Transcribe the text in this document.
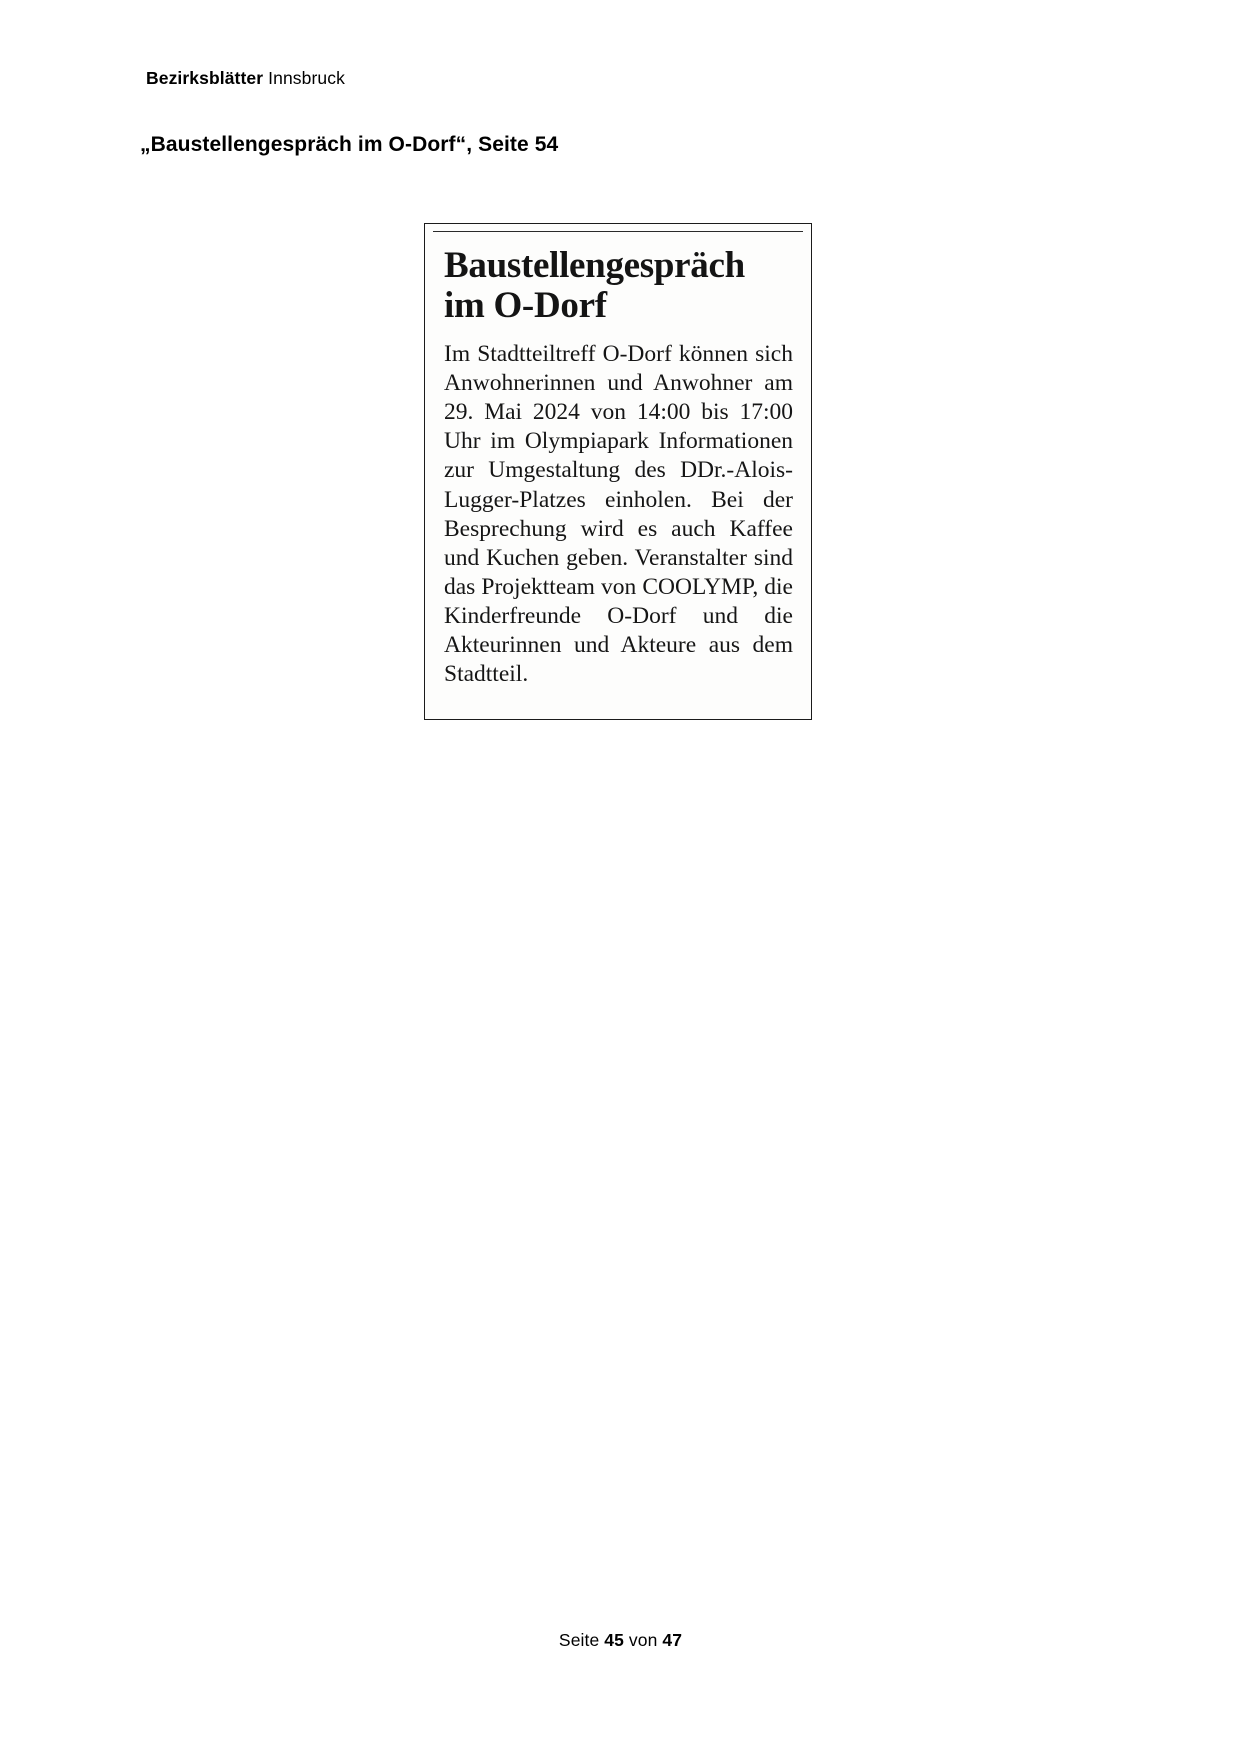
Bezirksblätter Innsbruck
„Baustellengespräch im O-Dorf“, Seite 54
Baustellengespräch
im O-Dorf

Im Stadtteiltreff O-Dorf können sich Anwohnerinnen und Anwohner am 29. Mai 2024 von 14:00 bis 17:00 Uhr im Olympiapark Informationen zur Umgestaltung des DDr.-Alois-Lugger-Platzes einholen. Bei der Besprechung wird es auch Kaffee und Kuchen geben. Veranstalter sind das Projektteam von COOLYMP, die Kinderfreunde O-Dorf und die Akteurinnen und Akteure aus dem Stadtteil.

Seite 45 von 47
